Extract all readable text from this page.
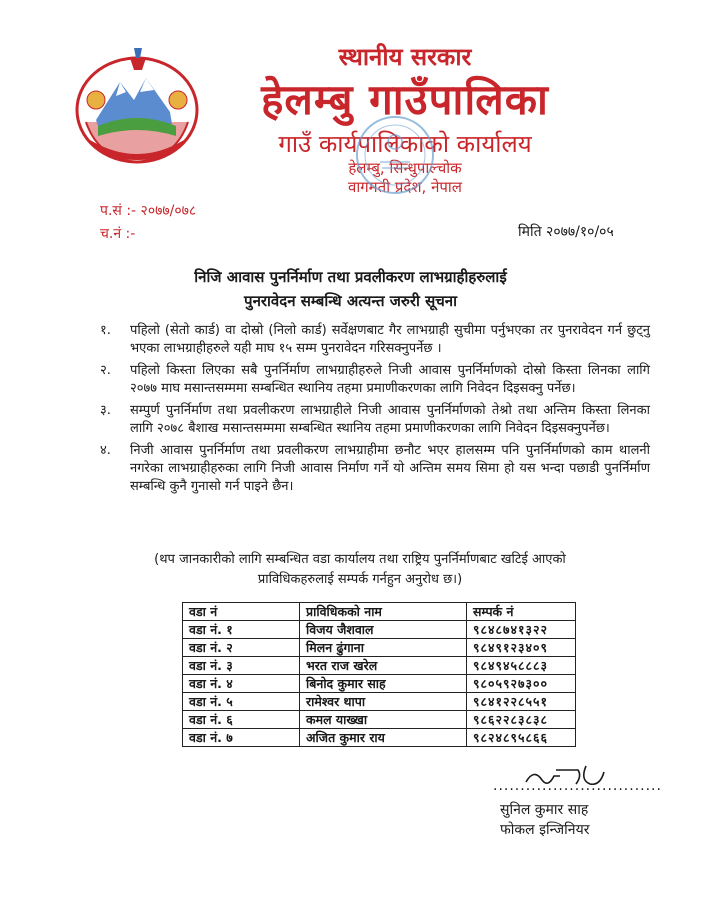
स्थानीय सरकार
हेलम्बु गाउँपालिका
गाउँ कार्यपालिकाको कार्यालय
हेलम्बु, सिन्धुपाल्चोक
वागमती प्रदेश, नेपाल
प.सं :- २०७७/०७८
च.नं :-	मिति २०७७/१०/०५
निजि आवास पुनर्निर्माण तथा प्रवलीकरण लाभग्राहीहरुलाई
पुनरावेदन सम्बन्धि अत्यन्त जरुरी सूचना
१. पहिलो (सेतो कार्ड) वा दोस्रो (निलो कार्ड) सर्वेक्षणबाट गैर लाभग्राही सुचीमा पर्नुभएका तर पुनरावेदन गर्न छुट्नु भएका लाभग्राहीहरुले यही माघ १५ सम्म पुनरावेदन गरिसक्नुपर्नेछ ।
२. पहिलो किस्ता लिएका सबै पुनर्निर्माण लाभग्राहीहरुले निजी आवास पुनर्निर्माणको दोस्रो किस्ता लिनका लागि २०७७ माघ मसान्तसम्ममा सम्बन्धित स्थानिय तहमा प्रमाणीकरणका लागि निवेदन दिइसक्नु पर्नेछ।
३. सम्पुर्ण पुनर्निर्माण तथा प्रवलीकरण लाभग्राहीले निजी आवास पुनर्निर्माणको तेश्रो तथा अन्तिम किस्ता लिनका लागि २०७८ बैशाख मसान्तसम्ममा सम्बन्धित स्थानिय तहमा प्रमाणीकरणका लागि निवेदन दिइसक्नुपर्नेछ।
४. निजी आवास पुनर्निर्माण तथा प्रवलीकरण लाभग्राहीमा छनौट भएर हालसम्म पनि पुनर्निर्माणको काम थालनी नगरेका लाभग्राहीहरुका लागि निजी आवास निर्माण गर्ने यो अन्तिम समय सिमा हो यस भन्दा पछाडी पुनर्निर्माण सम्बन्धि कुनै गुनासो गर्न पाइने छैन।
(थप जानकारीको लागि सम्बन्धित वडा कार्यालय तथा राष्ट्रिय पुनर्निर्माणबाट खटिई आएको
प्राविधिकहरुलाई सम्पर्क गर्नहुन अनुरोध छ।)
वडा नं	प्राविधिकको नाम	सम्पर्क नं
वडा नं. १	विजय जैशवाल	९८४८७४१३२२
वडा नं. २	मिलन ढुंगाना	९८४९१२३४०९
वडा नं. ३	भरत राज खरेल	९८४९४५८८८३
वडा नं. ४	बिनोद कुमार साह	९८०५९२७३००
वडा नं. ५	रामेश्वर थापा	९८४१२२८५५१
वडा नं. ६	कमल याख्खा	९८६२२८३८३८
वडा नं. ७	अजित कुमार राय	९८२४८९५८६६
...............................
सुनिल कुमार साह
फोकल इन्जिनियर
